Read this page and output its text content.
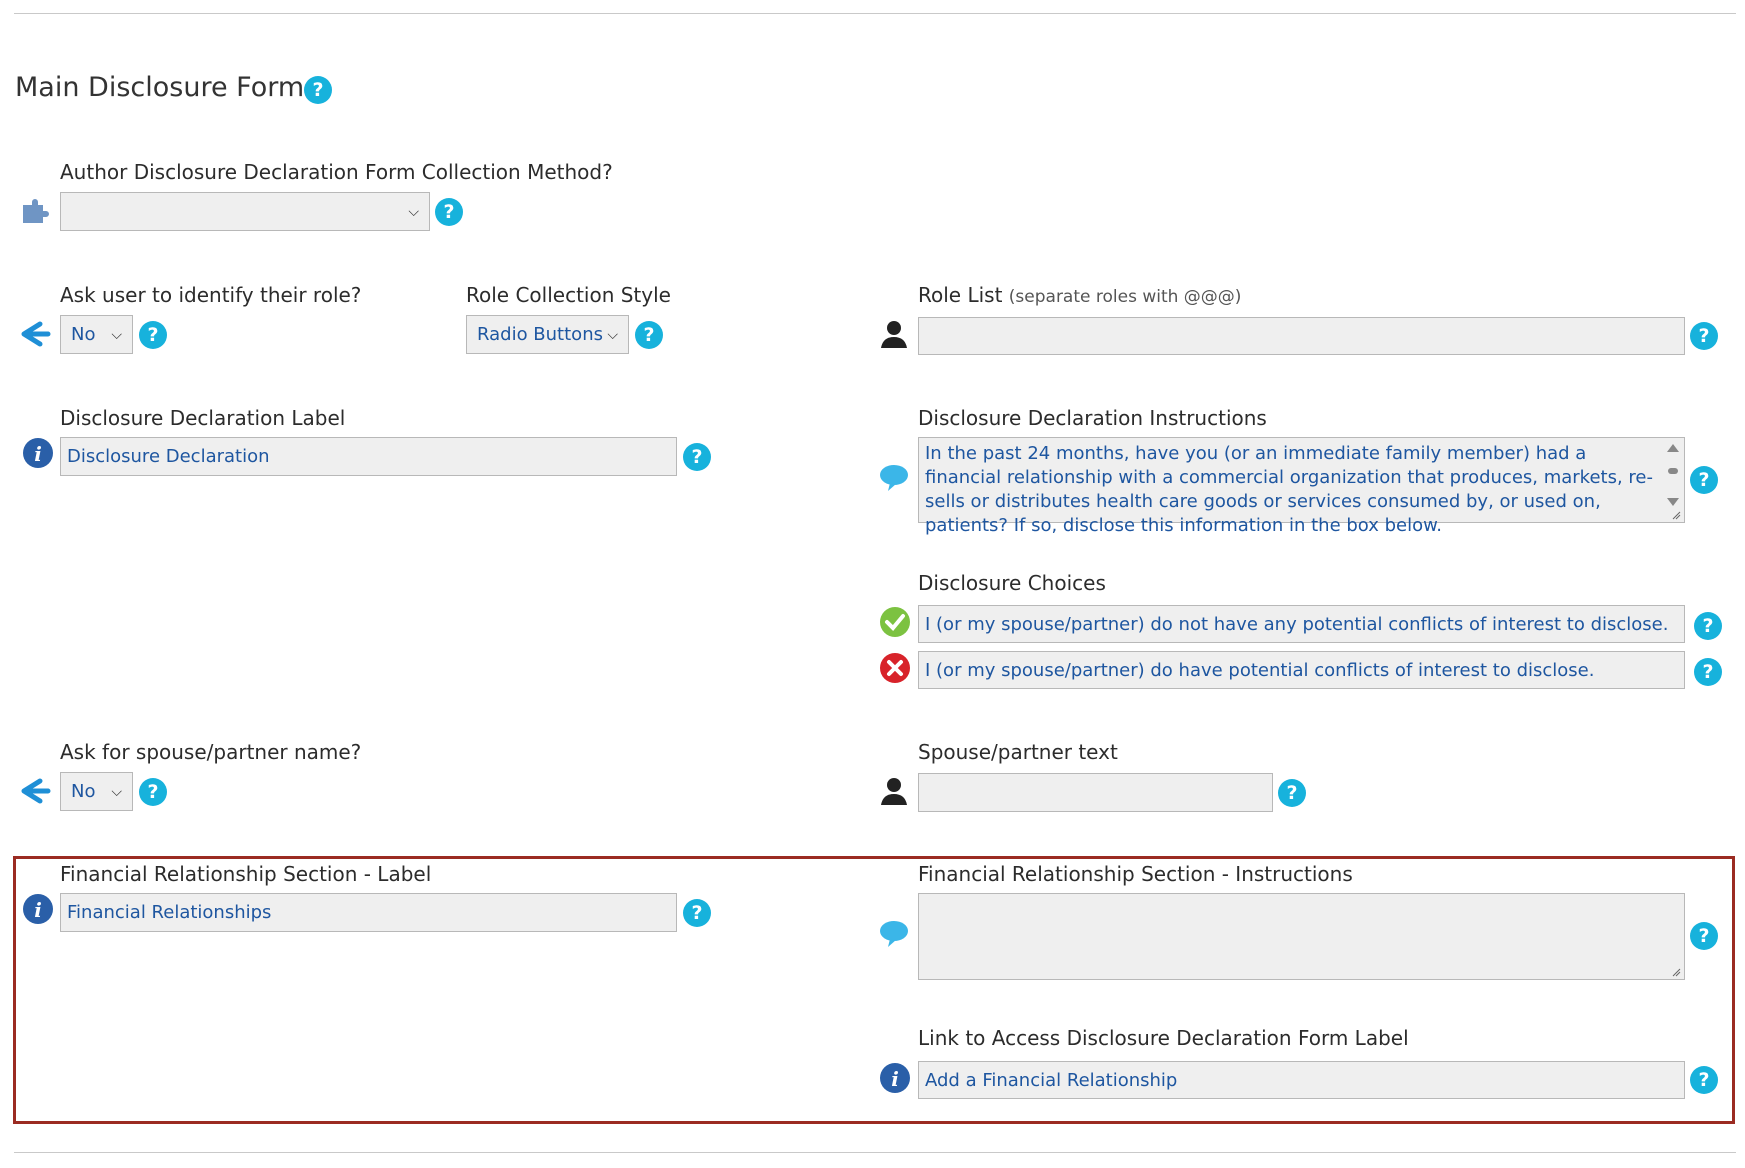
Main Disclosure Form ?
Author Disclosure Declaration Form Collection Method?
⌵ ?
Ask user to identify their role?
No ⌵ ?
Role Collection Style
Radio Buttons ⌵ ?
Role List (separate roles with @@@)
?
Disclosure Declaration Label
i	Disclosure Declaration	?
Disclosure Declaration Instructions
In the past 24 months, have you (or an immediate family member) had a financial relationship with a commercial organization that produces, markets, re-sells or distributes health care goods or services consumed by, or used on, patients? If so, disclose this information in the box below.
?
Disclosure Choices
I (or my spouse/partner) do not have any potential conflicts of interest to disclose.	?
I (or my spouse/partner) do have potential conflicts of interest to disclose.	?
Ask for spouse/partner name?
No ⌵ ?
Spouse/partner text
?
Financial Relationship Section - Label
i	Financial Relationships	?
Financial Relationship Section - Instructions
?
Link to Access Disclosure Declaration Form Label
i	Add a Financial Relationship	?
